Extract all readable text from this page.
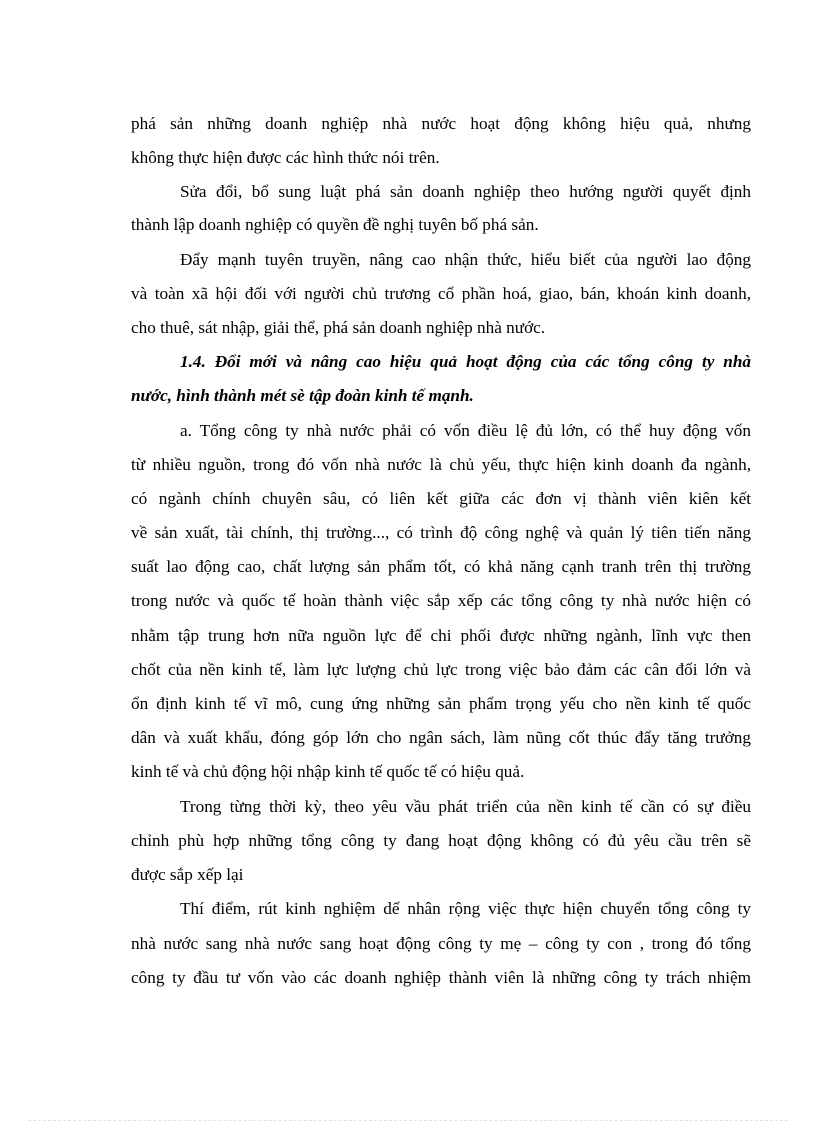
phá sản những doanh nghiệp nhà nước hoạt động không hiệu quả, nhưng
không thực hiện được các hình thức nói trên.
Sửa đổi, bổ sung luật phá sản doanh nghiệp theo hướng người quyết định
thành lập doanh nghiệp có quyền đề nghị tuyên bố phá sản.
Đẩy mạnh tuyên truyền, nâng cao nhận thức, hiểu biết của người lao động
và toàn xã hội đối với người chủ trương cổ phần hoá, giao, bán, khoán kinh doanh,
cho thuê, sát nhập, giải thể, phá sản doanh nghiệp nhà nước.
1.4. Đổi mới và nâng cao hiệu quả hoạt động của các tổng công ty nhà
nước, hình thành mét sè tập đoàn kinh tế mạnh.
a. Tổng công ty nhà nước phải có vốn điều lệ đủ lớn, có thể huy động vốn
từ nhiều nguồn, trong đó vốn nhà nước là chủ yếu, thực hiện kinh doanh đa ngành,
có ngành chính chuyên sâu, có liên kết giữa các đơn vị thành viên kiên kết
về sản xuất, tài chính, thị trường..., có trình độ công nghệ và quản lý tiên tiến năng
suất lao động cao, chất lượng sản phẩm tốt, có khả năng cạnh tranh trên thị trường
trong nước và quốc tế hoàn thành việc sắp xếp các tổng công ty nhà nước hiện có
nhằm tập trung hơn nữa nguồn lực để chi phối được những ngành, lĩnh vực then
chốt của nền kinh tế, làm lực lượng chủ lực trong việc bảo đảm các cân đối lớn và
ổn định kinh tế vĩ mô, cung ứng những sản phẩm trọng yếu cho nền kinh tế quốc
dân và xuất khẩu, đóng góp lớn cho ngân sách, làm nũng cốt thúc đẩy tăng trưởng
kinh tế và chủ động hội nhập kinh tế quốc tế có hiệu quả.
Trong từng thời kỳ, theo yêu vầu phát triển của nền kinh tế cần có sự điều
chỉnh phù hợp những tổng công ty đang hoạt động không có đủ yêu cầu trên sẽ
được sắp xếp lại
Thí điểm, rút kinh nghiệm dể nhân rộng việc thực hiện chuyển tổng công ty
nhà nước sang nhà nước sang hoạt động công ty mẹ – công ty con , trong đó tổng
công ty đầu tư vốn vào các doanh nghiệp thành viên là những công ty trách nhiệm
